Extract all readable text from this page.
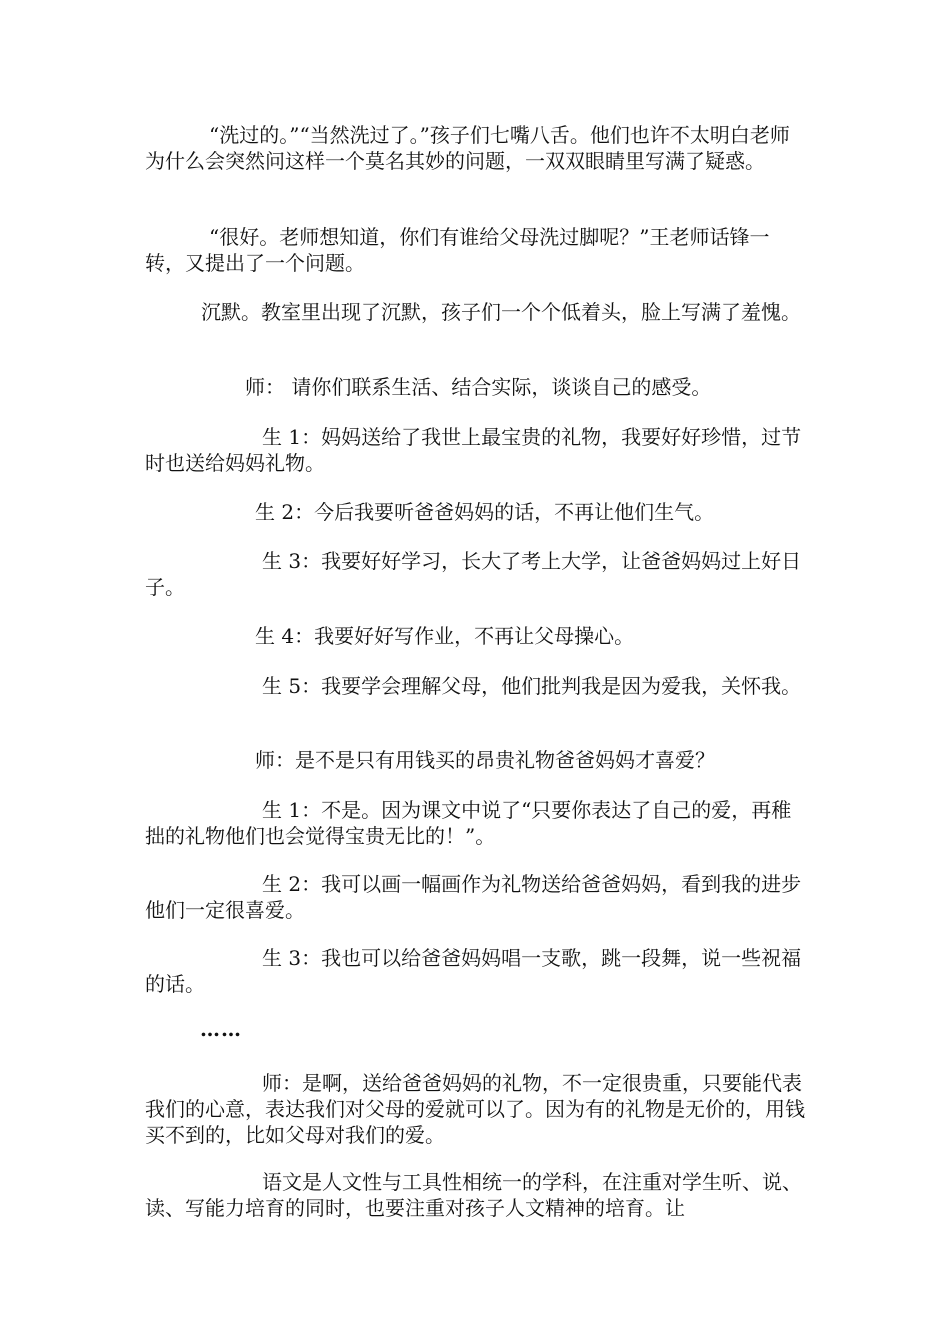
“洗过的。”“当然洗过了。”孩子们七嘴八舌。他们也许不太明白老师为什么会突然问这样一个莫名其妙的问题，一双双眼睛里写满了疑惑。

“很好。老师想知道，你们有谁给父母洗过脚呢？”王老师话锋一转，又提出了一个问题。

沉默。教室里出现了沉默，孩子们一个个低着头，脸上写满了羞愧。

师： 请你们联系生活、结合实际，谈谈自己的感受。

生 1：妈妈送给了我世上最宝贵的礼物，我要好好珍惜，过节时也送给妈妈礼物。

生 2：今后我要听爸爸妈妈的话，不再让他们生气。

生 3：我要好好学习，长大了考上大学，让爸爸妈妈过上好日子。

生 4：我要好好写作业，不再让父母操心。

生 5：我要学会理解父母，他们批判我是因为爱我，关怀我。

师：是不是只有用钱买的昂贵礼物爸爸妈妈才喜爱？

生 1：不是。因为课文中说了“只要你表达了自己的爱，再稚拙的礼物他们也会觉得宝贵无比的！”。

生 2：我可以画一幅画作为礼物送给爸爸妈妈，看到我的进步他们一定很喜爱。

生 3：我也可以给爸爸妈妈唱一支歌，跳一段舞，说一些祝福的话。

……

师：是啊，送给爸爸妈妈的礼物，不一定很贵重，只要能代表我们的心意，表达我们对父母的爱就可以了。因为有的礼物是无价的，用钱买不到的，比如父母对我们的爱。

语文是人文性与工具性相统一的学科，在注重对学生听、说、读、写能力培育的同时，也要注重对孩子人文精神的培育。让
